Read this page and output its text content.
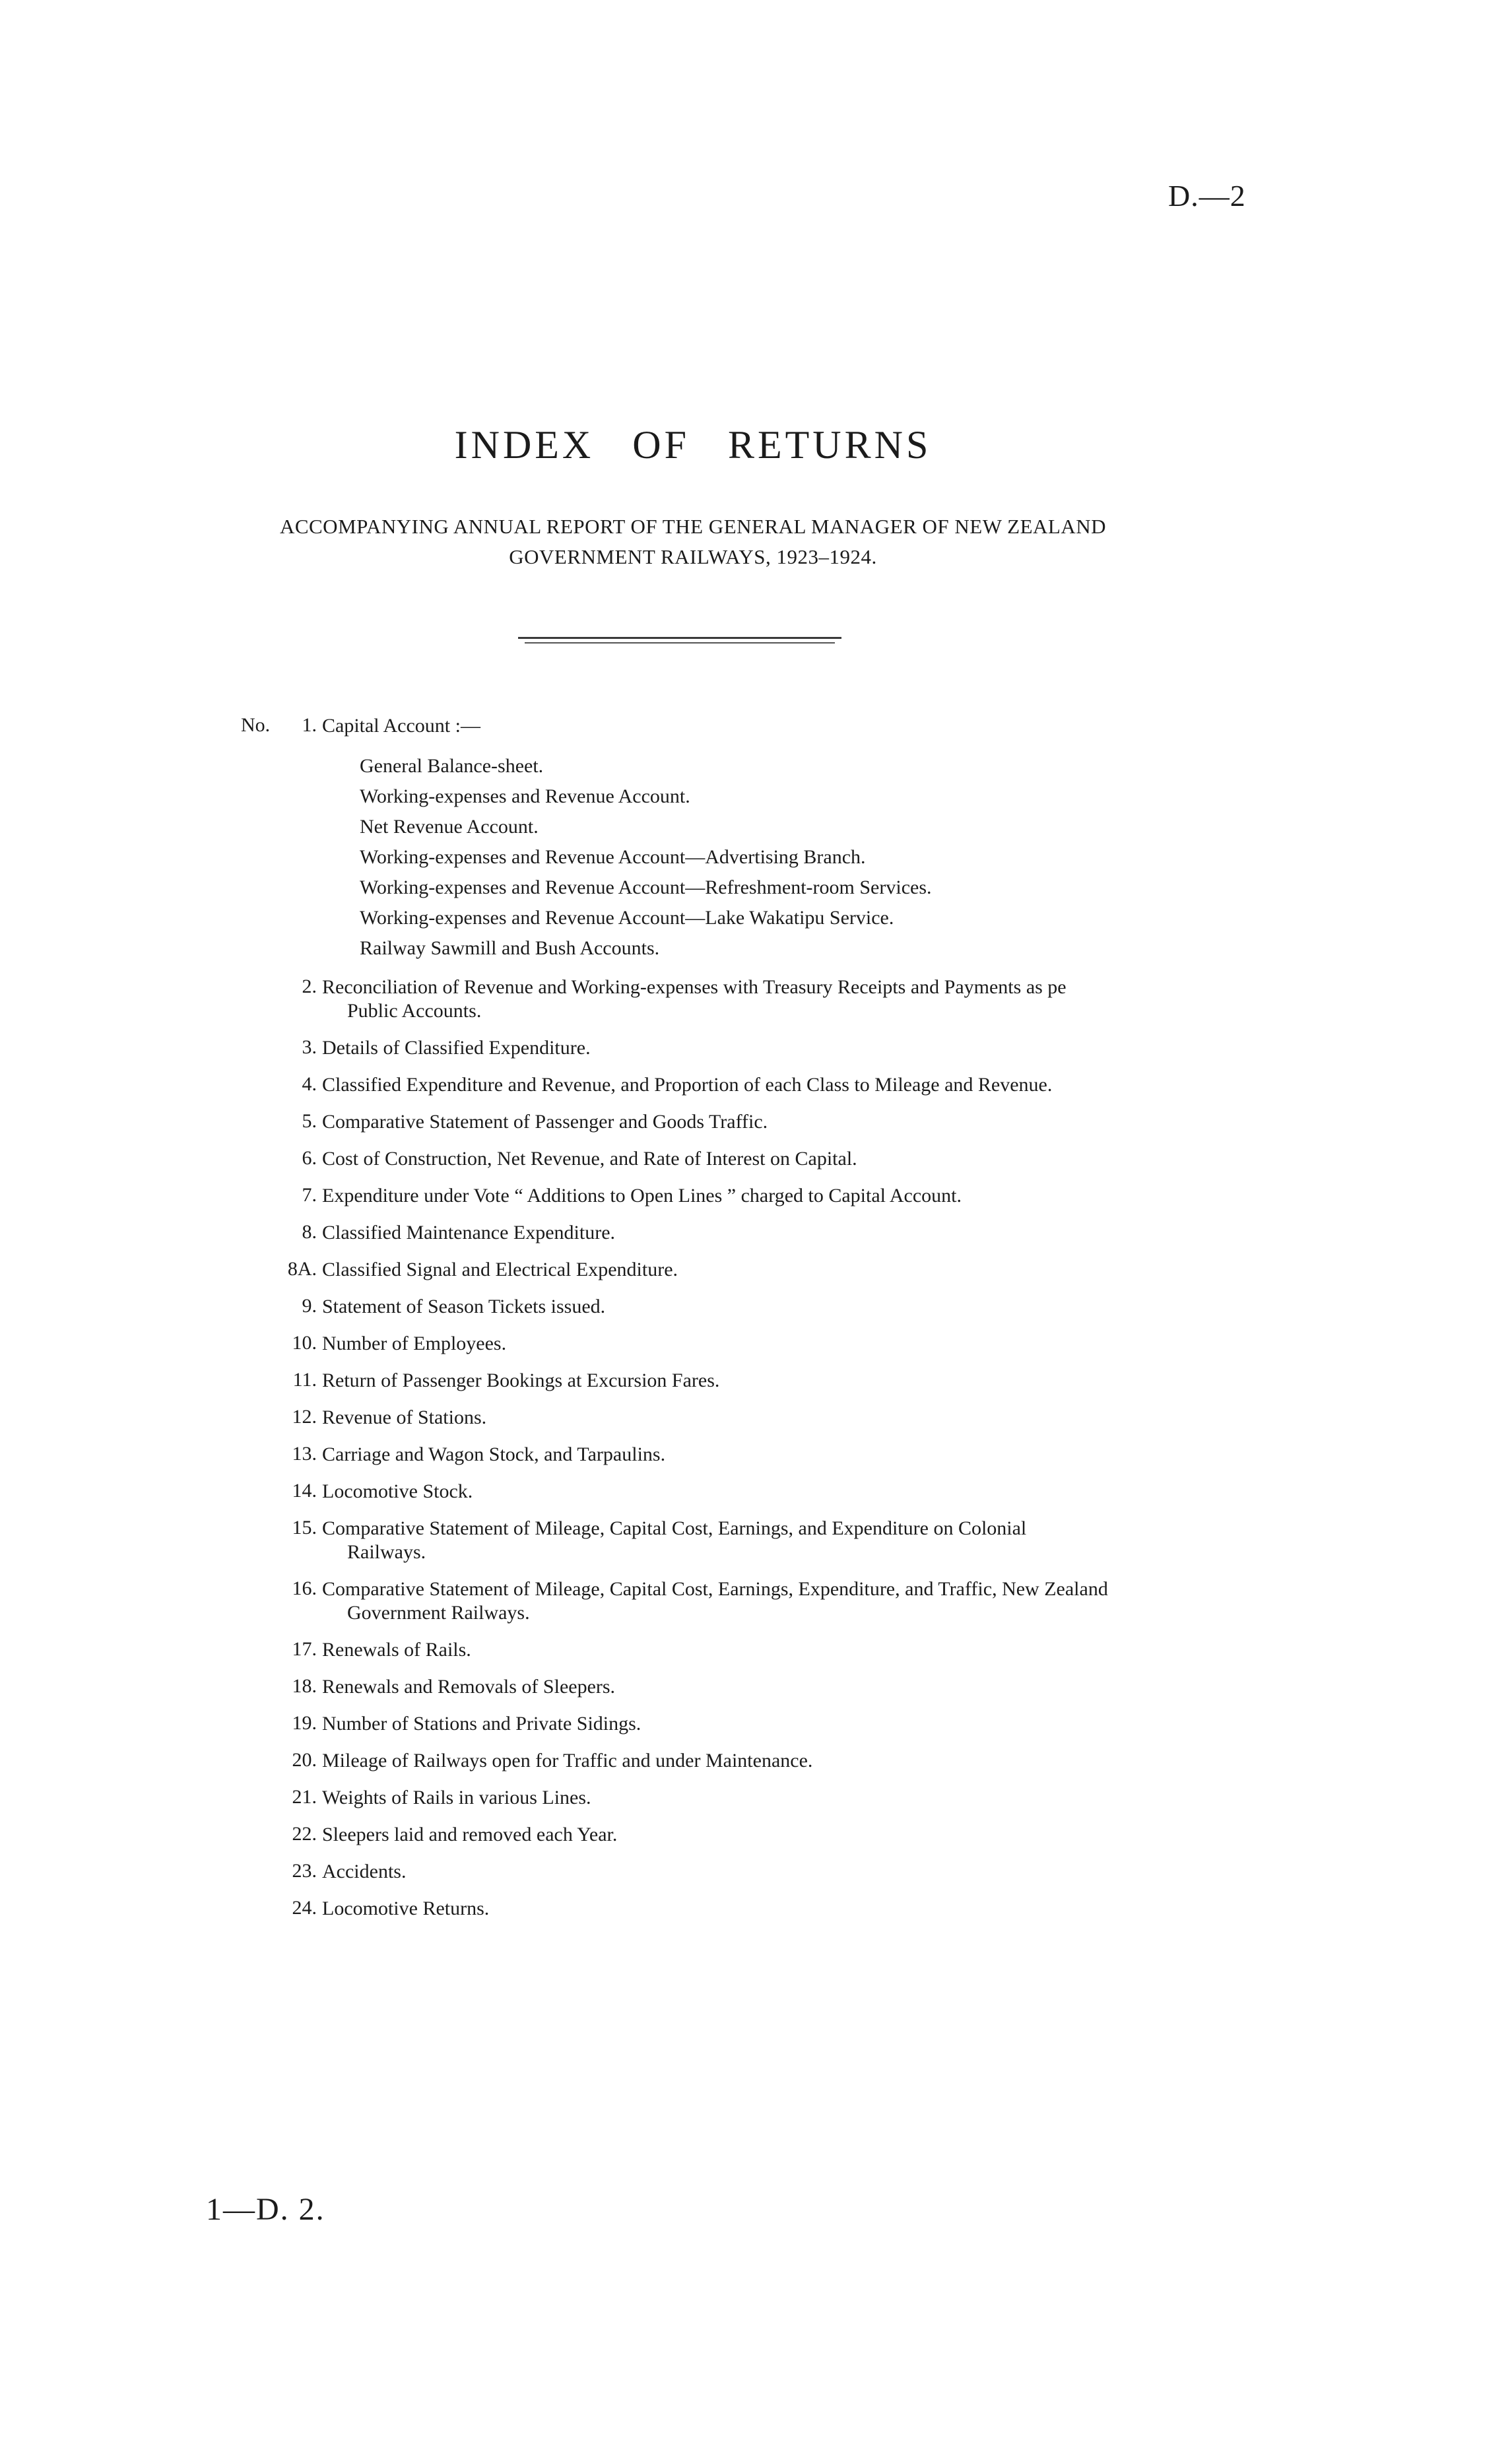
D.—2
INDEX OF RETURNS
ACCOMPANYING ANNUAL REPORT OF THE GENERAL MANAGER OF NEW ZEALAND
GOVERNMENT RAILWAYS, 1923–1924.
No.	1. Capital Account :—
General Balance-sheet.
Working-expenses and Revenue Account.
Net Revenue Account.
Working-expenses and Revenue Account—Advertising Branch.
Working-expenses and Revenue Account—Refreshment-room Services.
Working-expenses and Revenue Account—Lake Wakatipu Service.
Railway Sawmill and Bush Accounts.
2. Reconciliation of Revenue and Working-expenses with Treasury Receipts and Payments as pe
Public Accounts.
3. Details of Classified Expenditure.
4. Classified Expenditure and Revenue, and Proportion of each Class to Mileage and Revenue.
5. Comparative Statement of Passenger and Goods Traffic.
6. Cost of Construction, Net Revenue, and Rate of Interest on Capital.
7. Expenditure under Vote “ Additions to Open Lines ” charged to Capital Account.
8. Classified Maintenance Expenditure.
8A. Classified Signal and Electrical Expenditure.
9. Statement of Season Tickets issued.
10. Number of Employees.
11. Return of Passenger Bookings at Excursion Fares.
12. Revenue of Stations.
13. Carriage and Wagon Stock, and Tarpaulins.
14. Locomotive Stock.
15. Comparative Statement of Mileage, Capital Cost, Earnings, and Expenditure on Colonial
Railways.
16. Comparative Statement of Mileage, Capital Cost, Earnings, Expenditure, and Traffic, New Zealand
Government Railways.
17. Renewals of Rails.
18. Renewals and Removals of Sleepers.
19. Number of Stations and Private Sidings.
20. Mileage of Railways open for Traffic and under Maintenance.
21. Weights of Rails in various Lines.
22. Sleepers laid and removed each Year.
23. Accidents.
24. Locomotive Returns.
1—D. 2.
